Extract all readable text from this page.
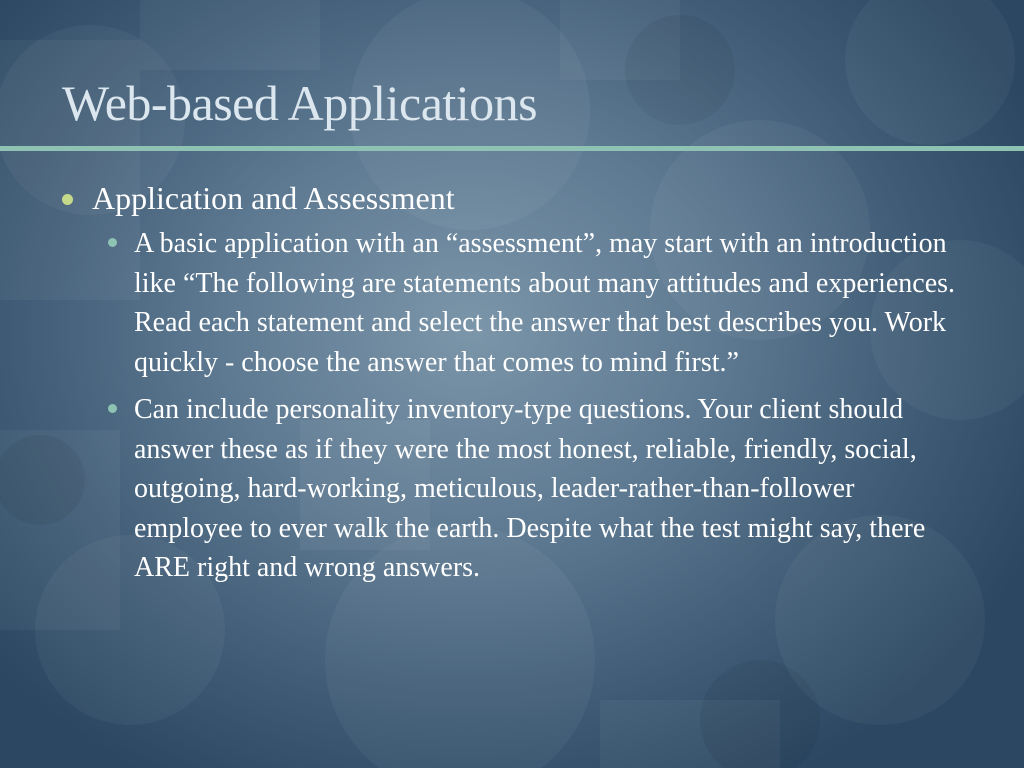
Web-based Applications
Application and Assessment
A basic application with an “assessment”, may start with an introduction like “The following are statements about many attitudes and experiences. Read each statement and select the answer that best describes you. Work quickly - choose the answer that comes to mind first.”
Can include personality inventory-type questions. Your client should answer these as if they were the most honest, reliable, friendly, social, outgoing, hard-working, meticulous, leader-rather-than-follower employee to ever walk the earth. Despite what the test might say, there ARE right and wrong answers.
